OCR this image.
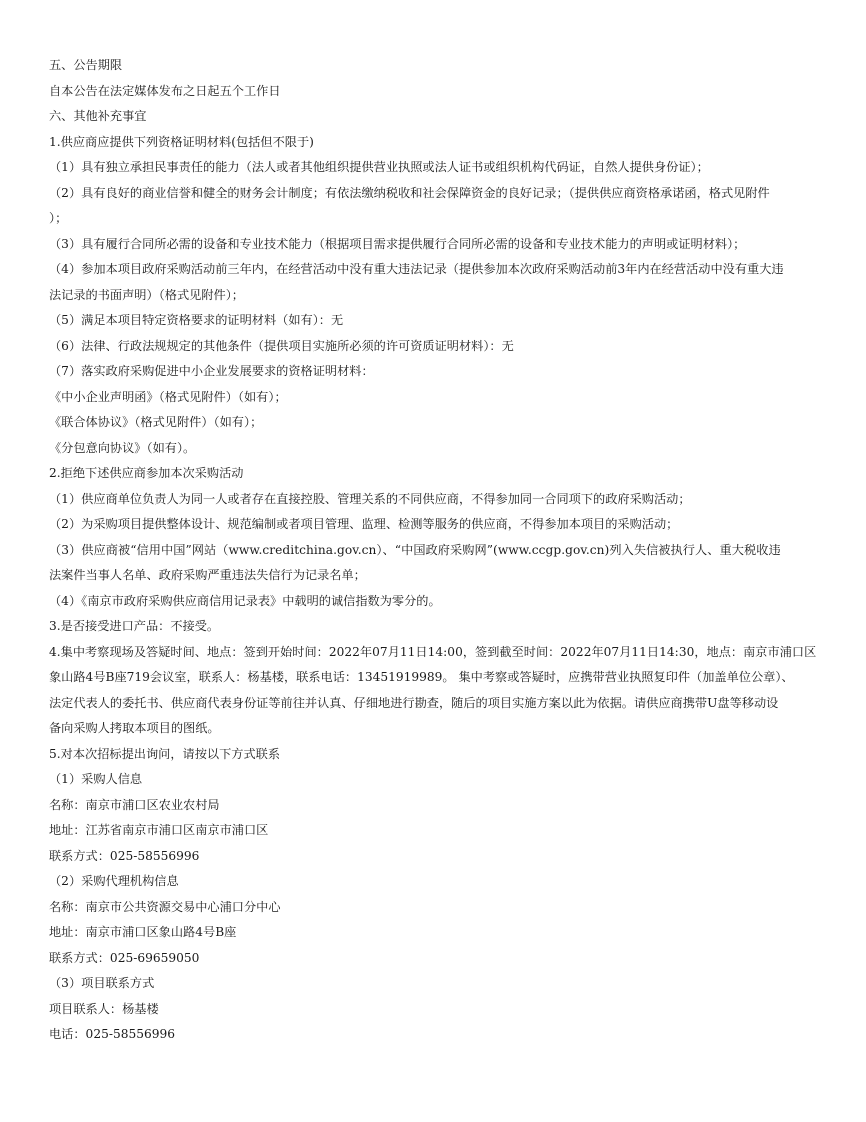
五、公告期限

自本公告在法定媒体发布之日起五个工作日

六、其他补充事宜

1.供应商应提供下列资格证明材料(包括但不限于)

（1）具有独立承担民事责任的能力（法人或者其他组织提供营业执照或法人证书或组织机构代码证，自然人提供身份证）；

（2）具有良好的商业信誉和健全的财务会计制度；有依法缴纳税收和社会保障资金的良好记录；（提供供应商资格承诺函，格式见附件

）；

（3）具有履行合同所必需的设备和专业技术能力（根据项目需求提供履行合同所必需的设备和专业技术能力的声明或证明材料）；

（4）参加本项目政府采购活动前三年内，在经营活动中没有重大违法记录（提供参加本次政府采购活动前3年内在经营活动中没有重大违

法记录的书面声明）（格式见附件）；

（5）满足本项目特定资格要求的证明材料（如有）：无

（6）法律、行政法规规定的其他条件（提供项目实施所必须的许可资质证明材料）：无

（7）落实政府采购促进中小企业发展要求的资格证明材料：

《中小企业声明函》（格式见附件）（如有）；

《联合体协议》（格式见附件）（如有）；

《分包意向协议》（如有）。

2.拒绝下述供应商参加本次采购活动

（1）供应商单位负责人为同一人或者存在直接控股、管理关系的不同供应商，不得参加同一合同项下的政府采购活动；

（2）为采购项目提供整体设计、规范编制或者项目管理、监理、检测等服务的供应商，不得参加本项目的采购活动；

（3）供应商被“信用中国”网站（www.creditchina.gov.cn）、“中国政府采购网”(www.ccgp.gov.cn)列入失信被执行人、重大税收违

法案件当事人名单、政府采购严重违法失信行为记录名单；

（4）《南京市政府采购供应商信用记录表》中载明的诚信指数为零分的。

3.是否接受进口产品：不接受。

4.集中考察现场及答疑时间、地点：签到开始时间：2022年07月11日14:00，签到截至时间：2022年07月11日14:30，地点：南京市浦口区

象山路4号B座719会议室，联系人：杨基楼，联系电话：13451919989。 集中考察或答疑时，应携带营业执照复印件（加盖单位公章）、

法定代表人的委托书、供应商代表身份证等前往并认真、仔细地进行勘查，随后的项目实施方案以此为依据。请供应商携带U盘等移动设

备向采购人拷取本项目的图纸。

5.对本次招标提出询问，请按以下方式联系

（1）采购人信息

名称：南京市浦口区农业农村局

地址：江苏省南京市浦口区南京市浦口区

联系方式：025-58556996

（2）采购代理机构信息

名称：南京市公共资源交易中心浦口分中心

地址：南京市浦口区象山路4号B座

联系方式：025-69659050

（3）项目联系方式

项目联系人：杨基楼

电话：025-58556996
